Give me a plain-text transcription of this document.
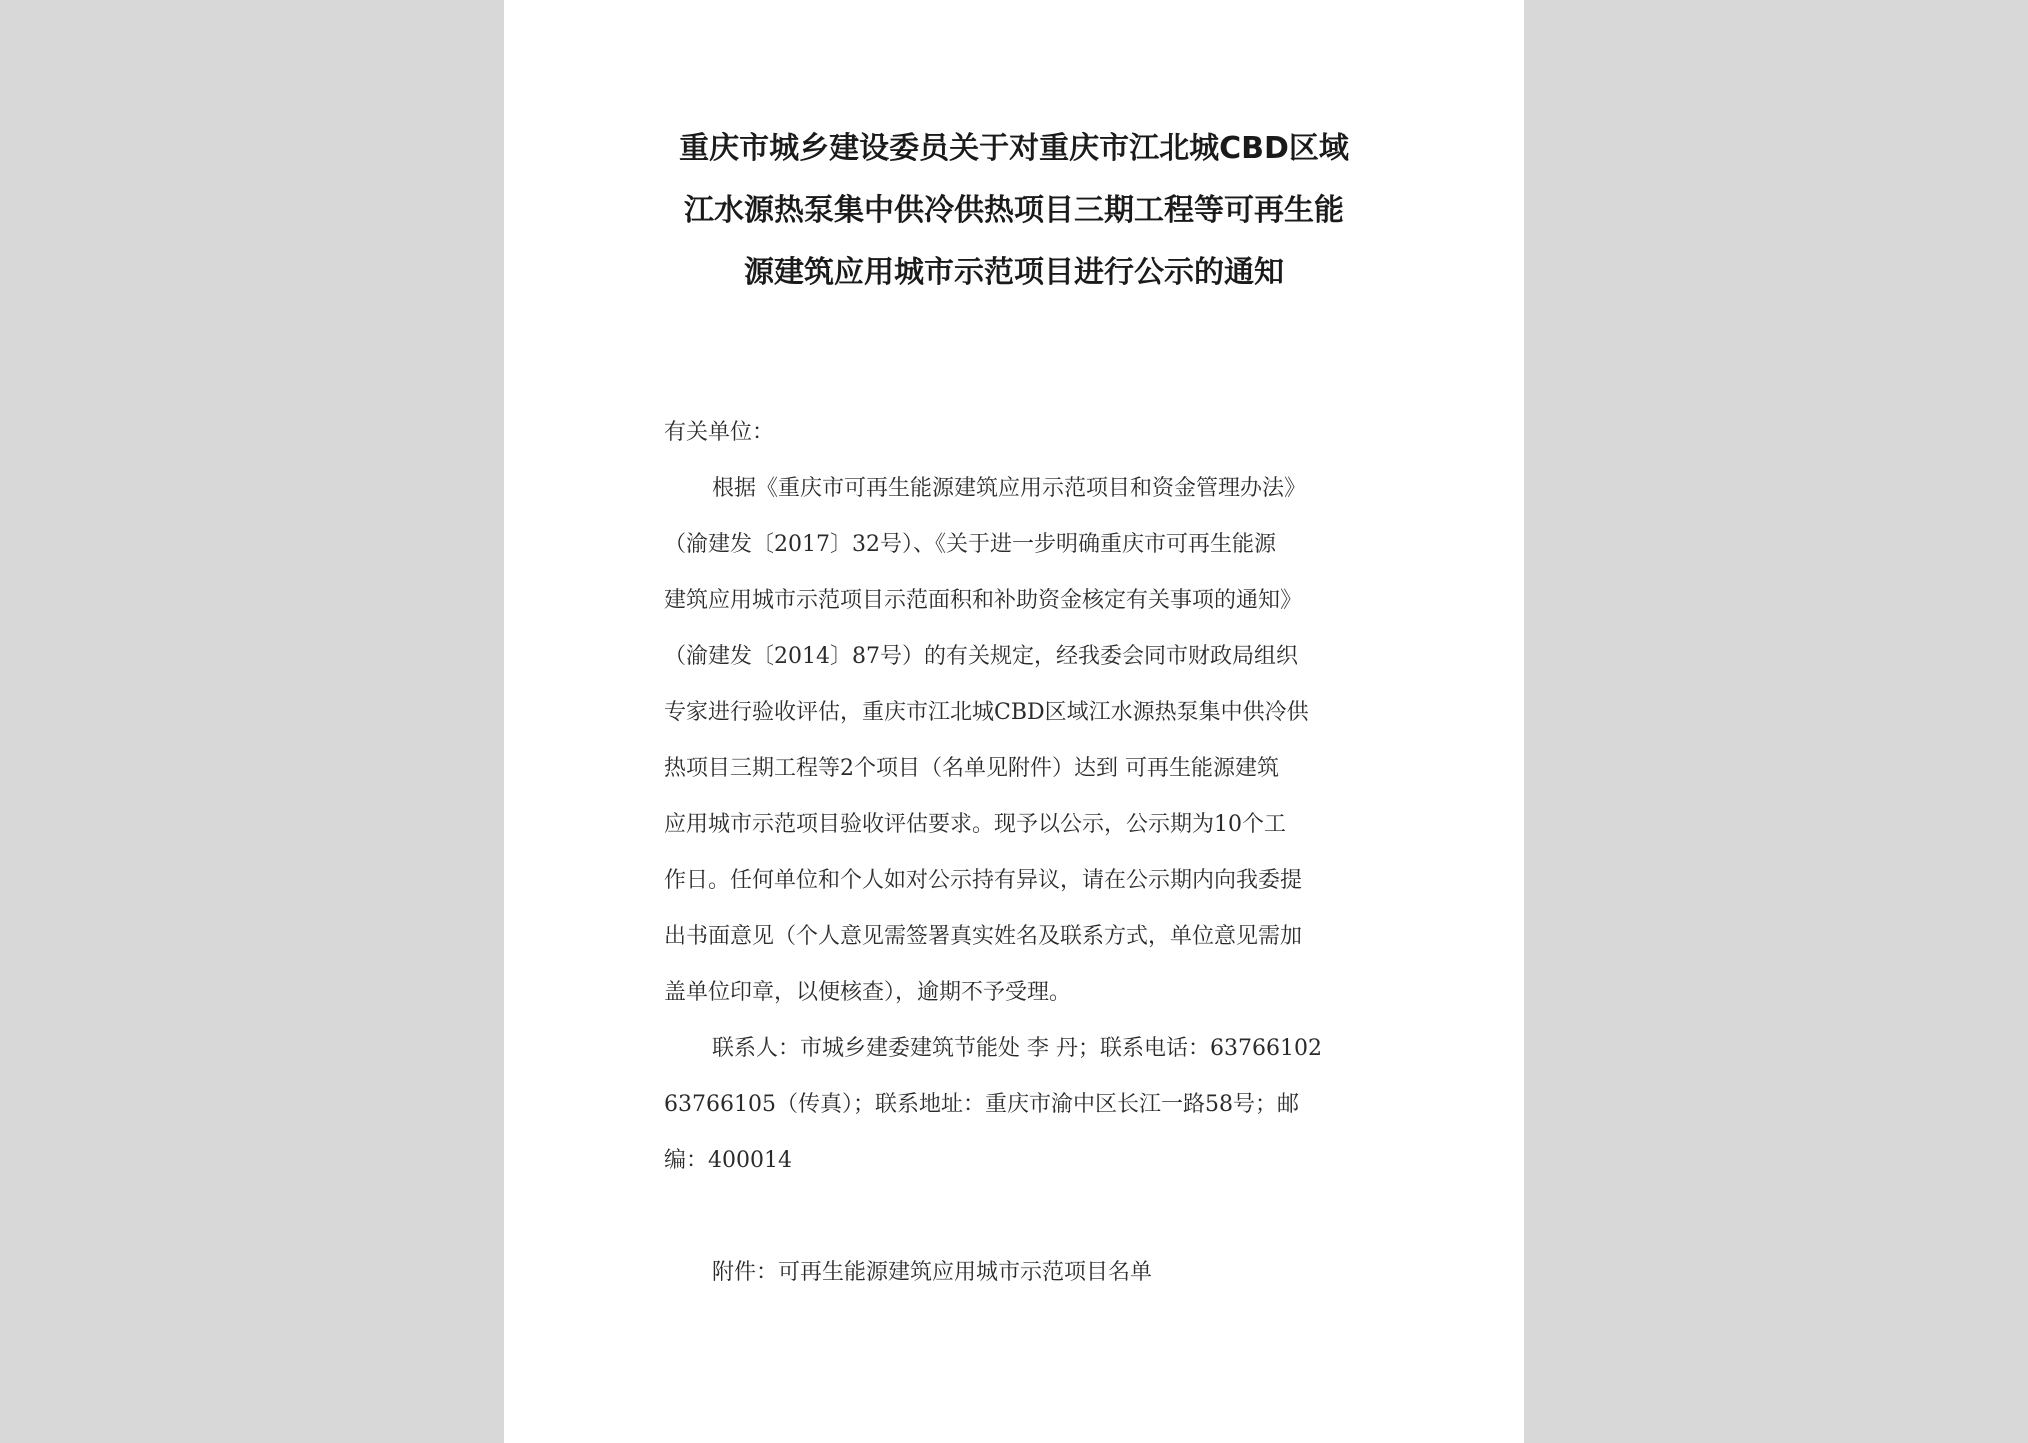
重庆市城乡建设委员关于对重庆市江北城CBD区域
江水源热泵集中供冷供热项目三期工程等可再生能
源建筑应用城市示范项目进行公示的通知
有关单位：
根据《重庆市可再生能源建筑应用示范项目和资金管理办法》
（渝建发〔2017〕32号）、《关于进一步明确重庆市可再生能源
建筑应用城市示范项目示范面积和补助资金核定有关事项的通知》
（渝建发〔2014〕87号）的有关规定，经我委会同市财政局组织
专家进行验收评估，重庆市江北城CBD区域江水源热泵集中供冷供
热项目三期工程等2个项目（名单见附件）达到 可再生能源建筑
应用城市示范项目验收评估要求。现予以公示，公示期为10个工
作日。任何单位和个人如对公示持有异议，请在公示期内向我委提
出书面意见（个人意见需签署真实姓名及联系方式，单位意见需加
盖单位印章，以便核查），逾期不予受理。
联系人：市城乡建委建筑节能处 李 丹；联系电话：63766102
63766105（传真）；联系地址：重庆市渝中区长江一路58号；邮
编：400014
附件：可再生能源建筑应用城市示范项目名单
